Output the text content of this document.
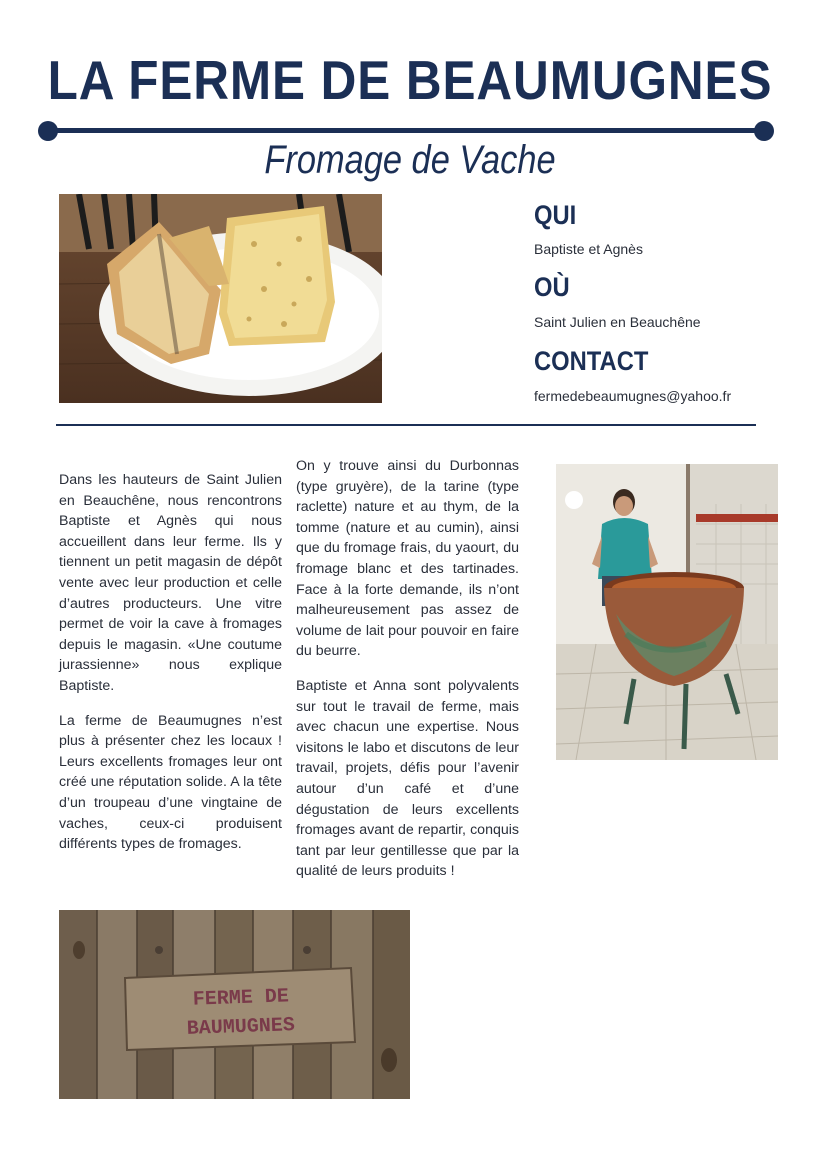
LA FERME DE BEAUMUGNES
Fromage de Vache
QUI
Baptiste et Agnès
OÙ
Saint Julien en Beauchêne
CONTACT
fermedebeaumugnes@yahoo.fr

Dans les hauteurs de Saint Julien en Beauchêne, nous rencontrons Baptiste et Agnès qui nous accueillent dans leur ferme. Ils y tiennent un petit magasin de dépôt vente avec leur production et celle d’autres producteurs. Une vitre permet de voir la cave à fromages depuis le magasin. «Une coutume jurassienne» nous explique Baptiste.

La ferme de Beaumugnes n’est plus à présenter chez les locaux ! Leurs excellents fromages leur ont créé une réputation solide. A la tête d’un troupeau d’une vingtaine de vaches, ceux-ci produisent différents types de fromages.

On y trouve ainsi du Durbonnas (type gruyère), de la tarine (type raclette) nature et au thym, de la tomme (nature et au cumin), ainsi que du fromage frais, du yaourt, du fromage blanc et des tartinades. Face à la forte demande, ils n’ont malheureusement pas assez de volume de lait pour pouvoir en faire du beurre.

Baptiste et Anna sont polyvalents sur tout le travail de ferme, mais avec chacun une expertise. Nous visitons le labo et discutons de leur travail, projets, défis pour l’avenir autour d’un café et d’une dégustation de leurs excellents fromages avant de repartir, conquis tant par leur gentillesse que par la qualité de leurs produits !

FERME DE
BAUMUGNES
